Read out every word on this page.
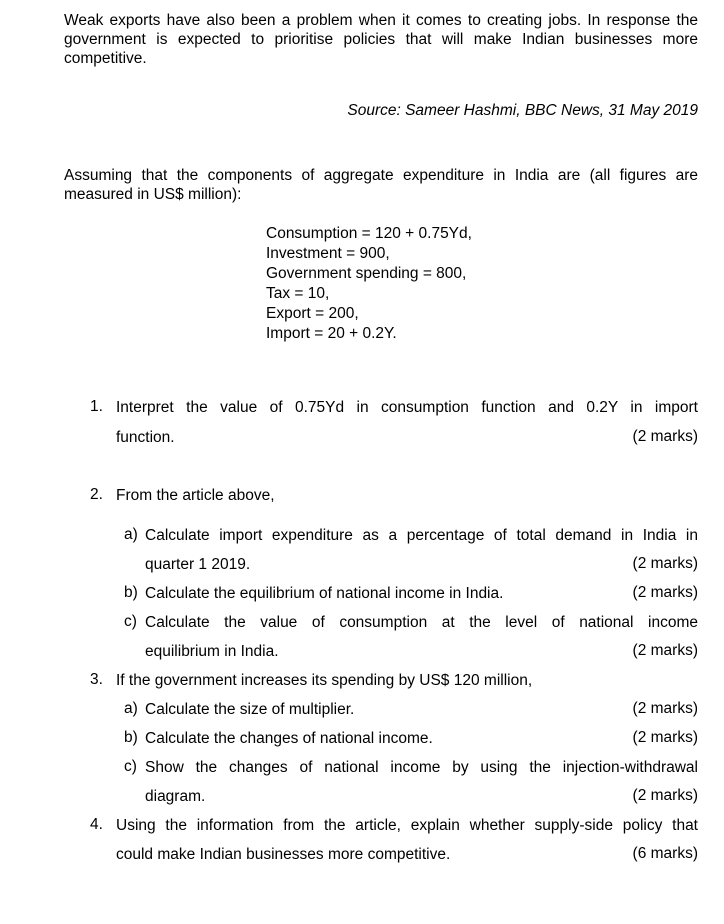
Weak exports have also been a problem when it comes to creating jobs. In response the government is expected to prioritise policies that will make Indian businesses more competitive.
Source: Sameer Hashmi, BBC News, 31 May 2019
Assuming that the components of aggregate expenditure in India are (all figures are measured in US$ million):
Consumption = 120 + 0.75Yd,
Investment = 900,
Government spending = 800,
Tax = 10,
Export = 200,
Import = 20 + 0.2Y.
1. Interpret the value of 0.75Yd in consumption function and 0.2Y in import
function.	(2 marks)
2. From the article above,
a) Calculate import expenditure as a percentage of total demand in India in
quarter 1 2019.	(2 marks)
b) Calculate the equilibrium of national income in India.	(2 marks)
c) Calculate the value of consumption at the level of national income
equilibrium in India.	(2 marks)
3. If the government increases its spending by US$ 120 million,
a) Calculate the size of multiplier.	(2 marks)
b) Calculate the changes of national income.	(2 marks)
c) Show the changes of national income by using the injection-withdrawal
diagram.	(2 marks)
4. Using the information from the article, explain whether supply-side policy that
could make Indian businesses more competitive.	(6 marks)
